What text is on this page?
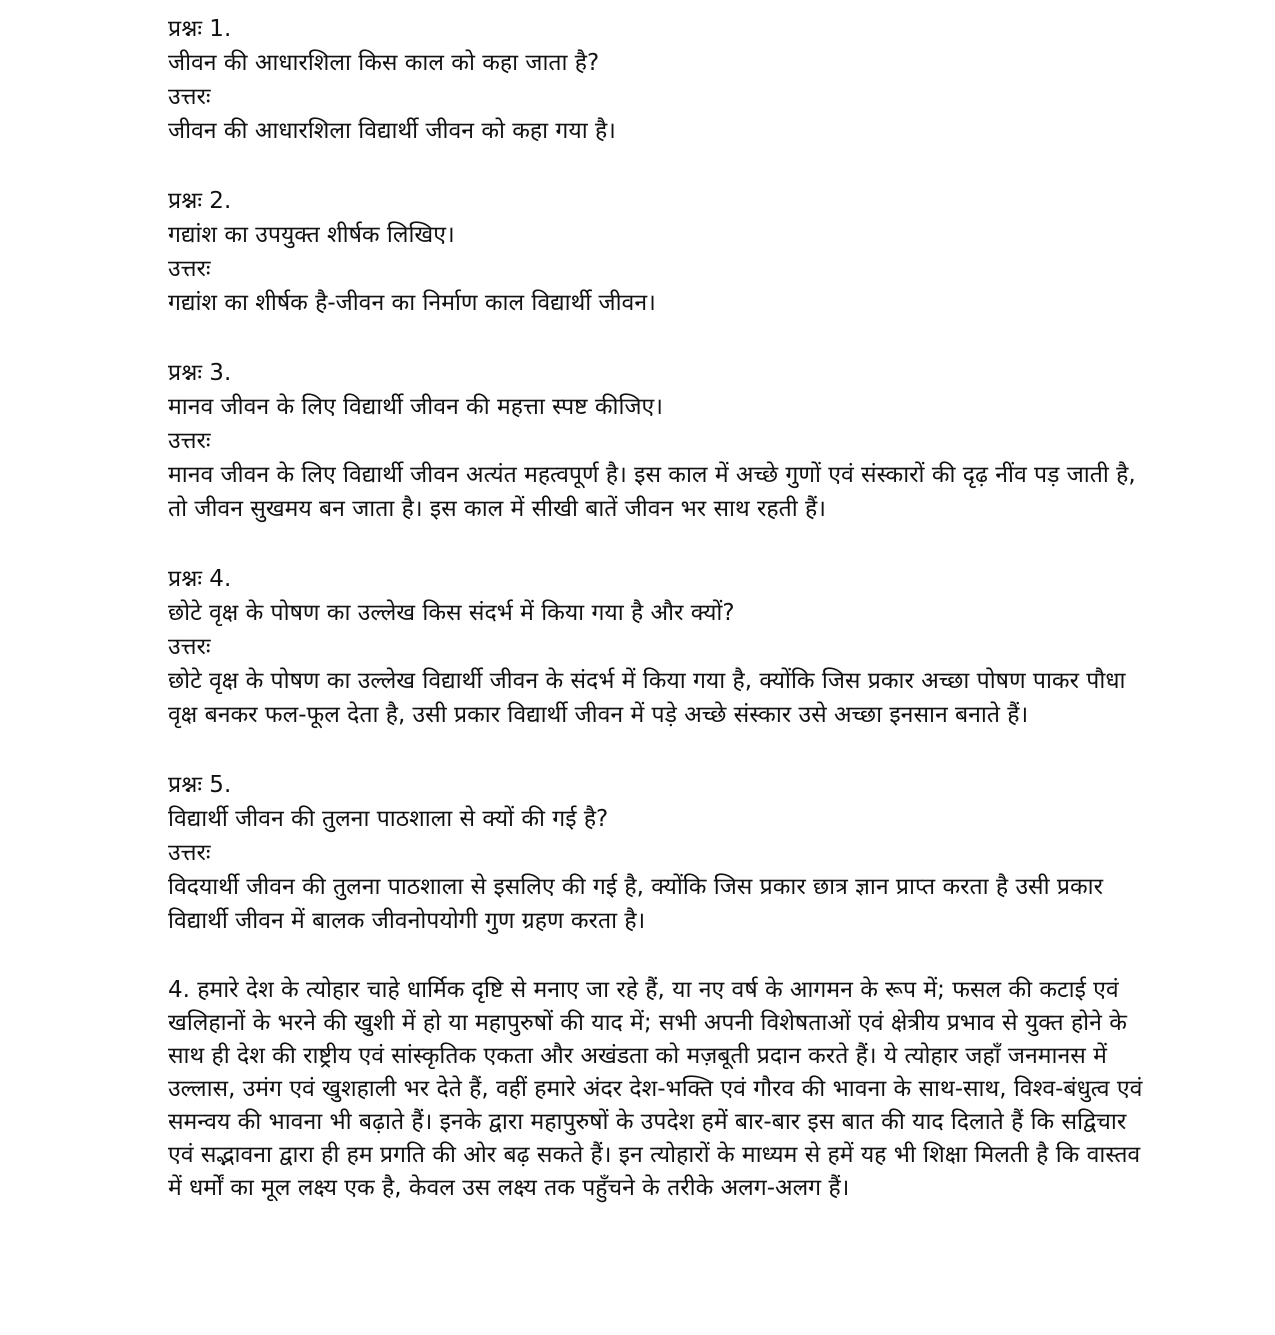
प्रश्नः 1.
जीवन की आधारशिला किस काल को कहा जाता है?
उत्तरः
जीवन की आधारशिला विद्यार्थी जीवन को कहा गया है।
प्रश्नः 2.
गद्यांश का उपयुक्त शीर्षक लिखिए।
उत्तरः
गद्यांश का शीर्षक है-जीवन का निर्माण काल विद्यार्थी जीवन।
प्रश्नः 3.
मानव जीवन के लिए विद्यार्थी जीवन की महत्ता स्पष्ट कीजिए।
उत्तरः
मानव जीवन के लिए विद्यार्थी जीवन अत्यंत महत्वपूर्ण है। इस काल में अच्छे गुणों एवं संस्कारों की दृढ़ नींव पड़ जाती है, तो जीवन सुखमय बन जाता है। इस काल में सीखी बातें जीवन भर साथ रहती हैं।
प्रश्नः 4.
छोटे वृक्ष के पोषण का उल्लेख किस संदर्भ में किया गया है और क्यों?
उत्तरः
छोटे वृक्ष के पोषण का उल्लेख विद्यार्थी जीवन के संदर्भ में किया गया है, क्योंकि जिस प्रकार अच्छा पोषण पाकर पौधा वृक्ष बनकर फल-फूल देता है, उसी प्रकार विद्यार्थी जीवन में पड़े अच्छे संस्कार उसे अच्छा इनसान बनाते हैं।
प्रश्नः 5.
विद्यार्थी जीवन की तुलना पाठशाला से क्यों की गई है?
उत्तरः
विदयार्थी जीवन की तुलना पाठशाला से इसलिए की गई है, क्योंकि जिस प्रकार छात्र ज्ञान प्राप्त करता है उसी प्रकार विद्यार्थी जीवन में बालक जीवनोपयोगी गुण ग्रहण करता है।
4. हमारे देश के त्योहार चाहे धार्मिक दृष्टि से मनाए जा रहे हैं, या नए वर्ष के आगमन के रूप में; फसल की कटाई एवं खलिहानों के भरने की खुशी में हो या महापुरुषों की याद में; सभी अपनी विशेषताओं एवं क्षेत्रीय प्रभाव से युक्त होने के साथ ही देश की राष्ट्रीय एवं सांस्कृतिक एकता और अखंडता को मज़बूती प्रदान करते हैं। ये त्योहार जहाँ जनमानस में उल्लास, उमंग एवं खुशहाली भर देते हैं, वहीं हमारे अंदर देश-भक्ति एवं गौरव की भावना के साथ-साथ, विश्व-बंधुत्व एवं समन्वय की भावना भी बढ़ाते हैं। इनके द्वारा महापुरुषों के उपदेश हमें बार-बार इस बात की याद दिलाते हैं कि सद्विचार एवं सद्भावना द्वारा ही हम प्रगति की ओर बढ़ सकते हैं। इन त्योहारों के माध्यम से हमें यह भी शिक्षा मिलती है कि वास्तव में धर्मों का मूल लक्ष्य एक है, केवल उस लक्ष्य तक पहुँचने के तरीके अलग-अलग हैं।
